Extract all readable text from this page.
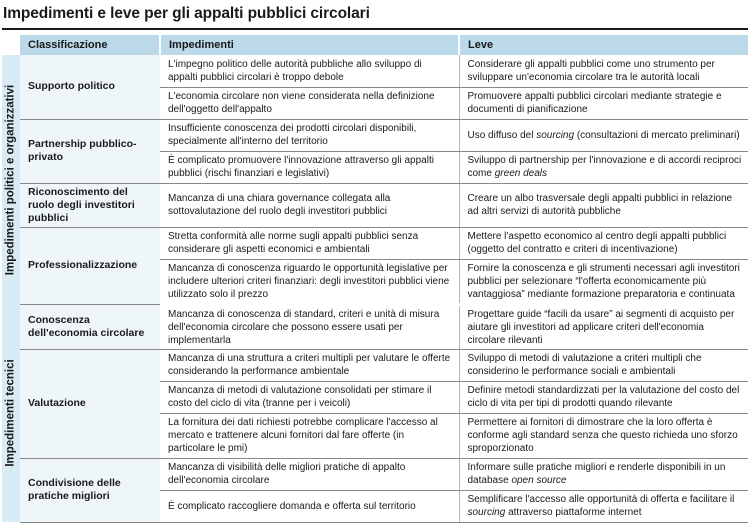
Impedimenti e leve per gli appalti pubblici circolari
	Classificazione	Impedimenti	Leve

Impedimenti politici e organizzativi	Supporto politico	L'impegno politico delle autorità pubbliche allo sviluppo di appalti pubblici circolari è troppo debole	Considerare gli appalti pubblici come uno strumento per sviluppare un'economia circolare tra le autorità locali
		L'economia circolare non viene considerata nella definizione dell'oggetto dell'appalto	Promuovere appalti pubblici circolari mediante strategie e documenti di pianificazione
	Partnership pubblico-privato	Insufficiente conoscenza dei prodotti circolari disponibili, specialmente all'interno del territorio	Uso diffuso del sourcing (consultazioni di mercato preliminari)
		È complicato promuovere l'innovazione attraverso gli appalti pubblici (rischi finanziari e legislativi)	Sviluppo di partnership per l'innovazione e di accordi reciproci come green deals
	Riconoscimento del ruolo degli investitori pubblici	Mancanza di una chiara governance collegata alla sottovalutazione del ruolo degli investitori pubblici	Creare un albo trasversale degli appalti pubblici in relazione ad altri servizi di autorità pubbliche
	Professionalizzazione	Stretta conformità alle norme sugli appalti pubblici senza considerare gli aspetti economici e ambientali	Mettere l'aspetto economico al centro degli appalti pubblici (oggetto del contratto e criteri di incentivazione)
		Mancanza di conoscenza riguardo le opportunità legislative per includere ulteriori criteri finanziari: degli investitori pubblici viene utilizzato solo il prezzo	Fornire la conoscenza e gli strumenti necessari agli investitori pubblici per selezionare “l'offerta economicamente più vantaggiosa” mediante formazione preparatoria e continuata

Impedimenti tecnici	Conoscenza dell'economia circolare	Mancanza di conoscenza di standard, criteri e unità di misura dell'economia circolare che possono essere usati per implementarla	Progettare guide “facili da usare” ai segmenti di acquisto per aiutare gli investitori ad applicare criteri dell'economia circolare rilevanti
	Valutazione	Mancanza di una struttura a criteri multipli per valutare le offerte considerando la performance ambientale	Sviluppo di metodi di valutazione a criteri multipli che considerino le performance sociali e ambientali
		Mancanza di metodi di valutazione consolidati per stimare il costo del ciclo di vita (tranne per i veicoli)	Definire metodi standardizzati per la valutazione del costo del ciclo di vita per tipi di prodotti quando rilevante
		La fornitura dei dati richiesti potrebbe complicare l'accesso al mercato e trattenere alcuni fornitori dal fare offerte (in particolare le pmi)	Permettere ai fornitori di dimostrare che la loro offerta è conforme agli standard senza che questo richieda uno sforzo sproporzionato
	Condivisione delle pratiche migliori	Mancanza di visibilità delle migliori pratiche di appalto dell'economia circolare	Informare sulle pratiche migliori e renderle disponibili in un database open source
		È complicato raccogliere domanda e offerta sul territorio	Semplificare l'accesso alle opportunità di offerta e facilitare il sourcing attraverso piattaforme internet
